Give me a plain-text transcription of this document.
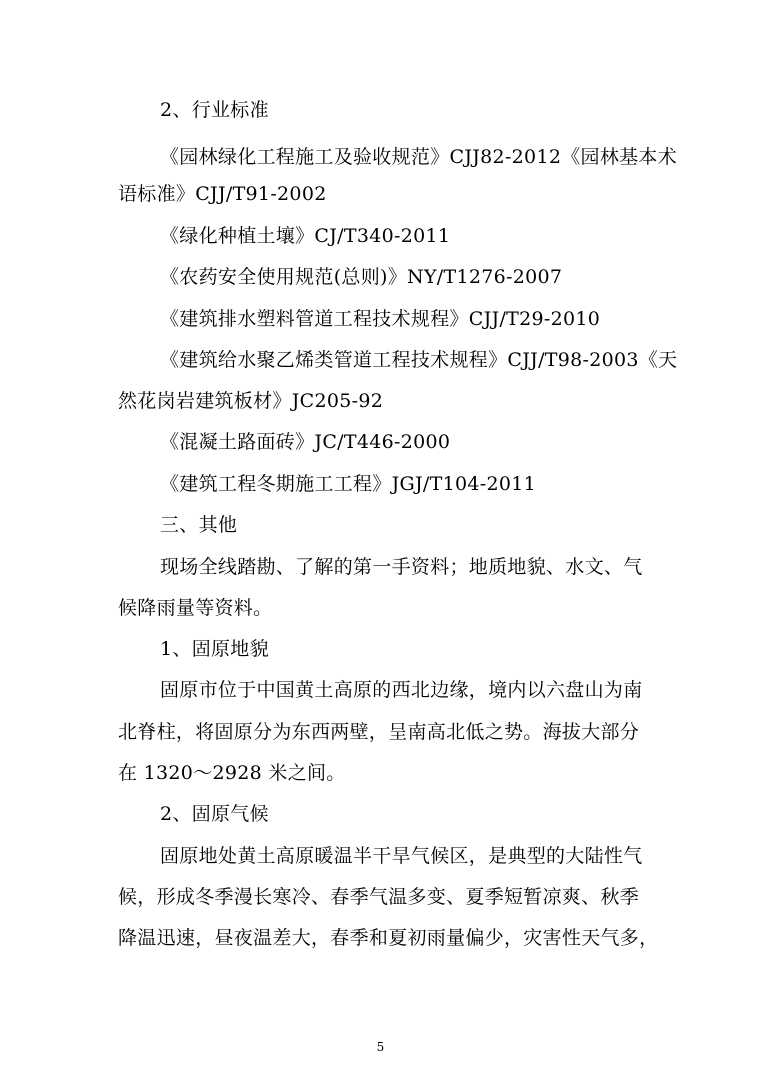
2、行业标准
《园林绿化工程施工及验收规范》CJJ82-2012《园林基本术
语标准》CJJ/T91-2002
《绿化种植土壤》CJ/T340-2011
《农药安全使用规范(总则)》NY/T1276-2007
《建筑排水塑料管道工程技术规程》CJJ/T29-2010
《建筑给水聚乙烯类管道工程技术规程》CJJ/T98-2003《天
然花岗岩建筑板材》JC205-92
《混凝土路面砖》JC/T446-2000
《建筑工程冬期施工工程》JGJ/T104-2011
三、其他
现场全线踏勘、了解的第一手资料；地质地貌、水文、气
候降雨量等资料。
1、固原地貌
固原市位于中国黄土高原的西北边缘，境内以六盘山为南
北脊柱，将固原分为东西两壁，呈南高北低之势。海拔大部分
在 1320～2928 米之间。
2、固原气候
固原地处黄土高原暖温半干旱气候区，是典型的大陆性气
候，形成冬季漫长寒冷、春季气温多变、夏季短暂凉爽、秋季
降温迅速，昼夜温差大，春季和夏初雨量偏少，灾害性天气多，
5
